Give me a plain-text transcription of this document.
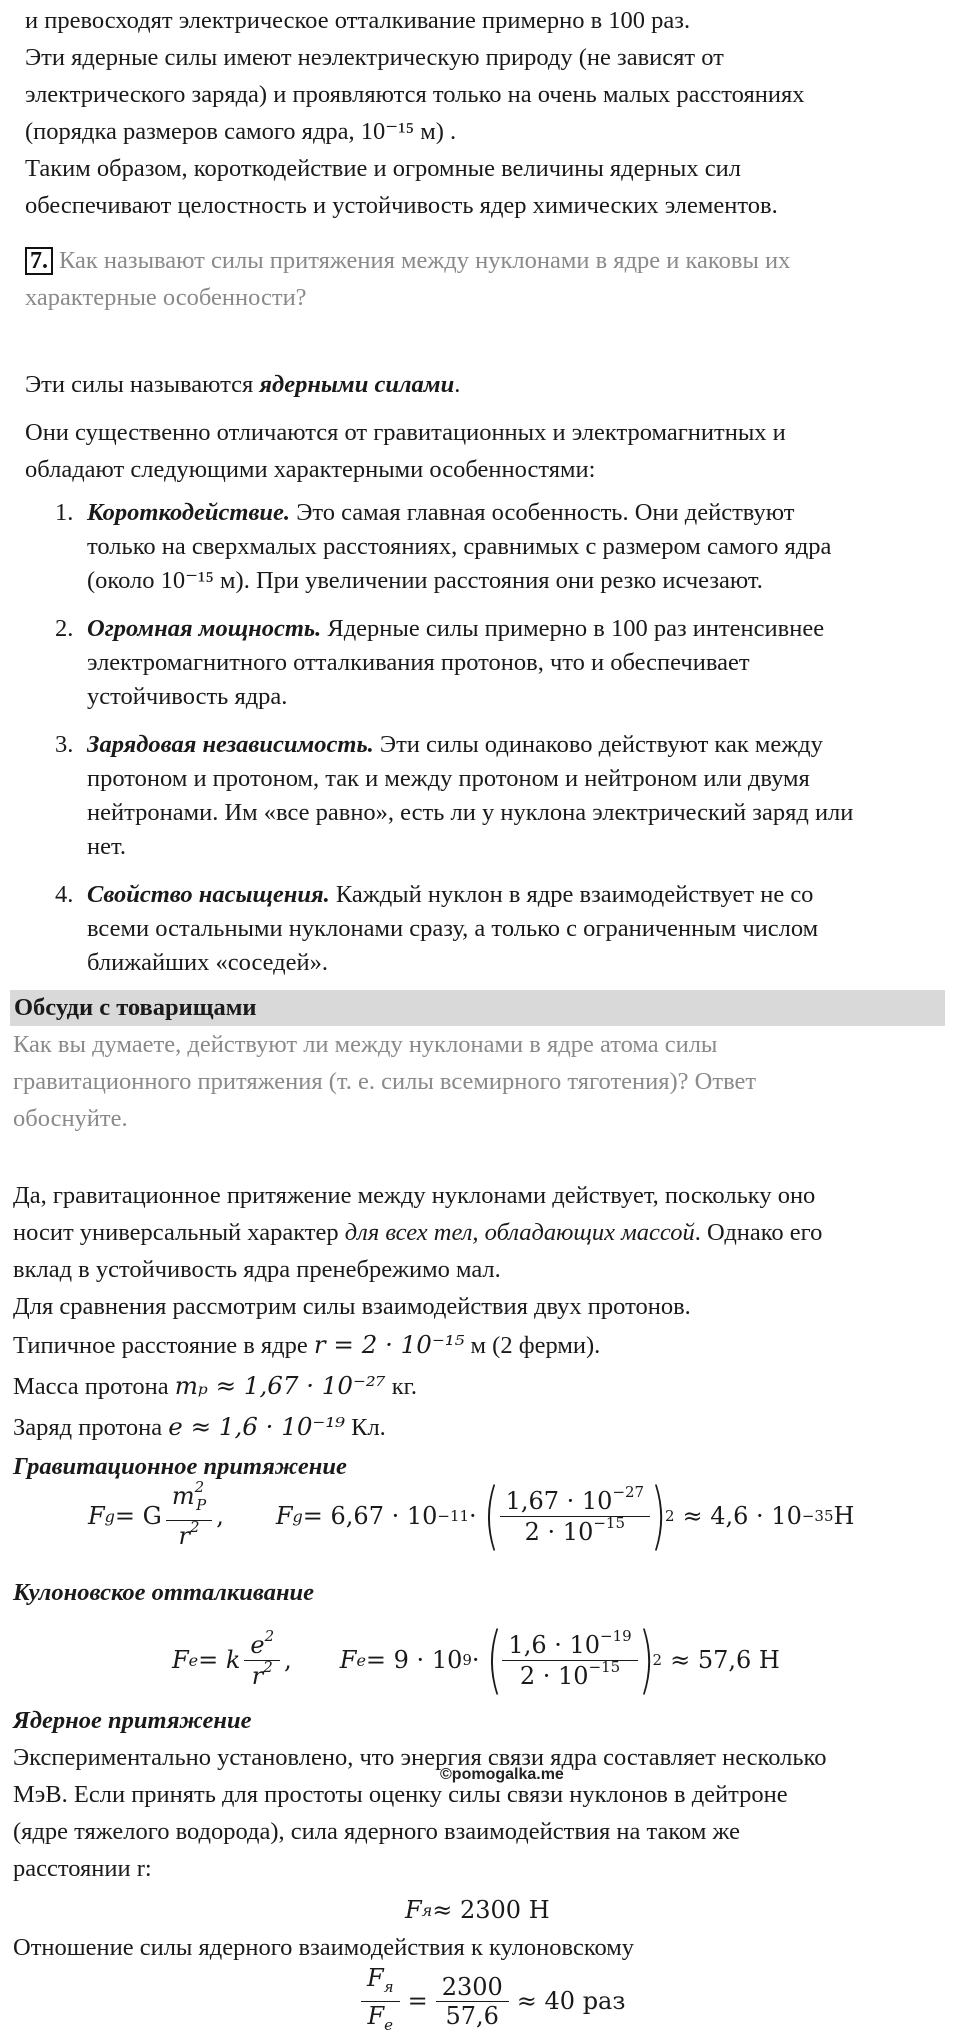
и превосходят электрическое отталкивание примерно в 100 раз.

Эти ядерные силы имеют неэлектрическую природу (не зависят от

электрического заряда) и проявляются только на очень малых расстояниях

(порядка размеров самого ядра, 10⁻¹⁵ м) .

Таким образом, короткодействие и огромные величины ядерных сил

обеспечивают целостность и устойчивость ядер химических элементов.

7. Как называют силы притяжения между нуклонами в ядре и каковы их

характерные особенности?

Эти силы называются ядерными силами.

Они существенно отличаются от гравитационных и электромагнитных и

обладают следующими характерными особенностями:

1. Короткодействие. Это самая главная особенность. Они действуют
только на сверхмалых расстояниях, сравнимых с размером самого ядра
(около 10⁻¹⁵ м). При увеличении расстояния они резко исчезают.
2. Огромная мощность. Ядерные силы примерно в 100 раз интенсивнее
электромагнитного отталкивания протонов, что и обеспечивает
устойчивость ядра.
3. Зарядовая независимость. Эти силы одинаково действуют как между
протоном и протоном, так и между протоном и нейтроном или двумя
нейтронами. Им «все равно», есть ли у нуклона электрический заряд или
нет.
4. Свойство насыщения. Каждый нуклон в ядре взаимодействует не со
всеми остальными нуклонами сразу, а только с ограниченным числом
ближайших «соседей».
Обсуди с товарищами

Как вы думаете, действуют ли между нуклонами в ядре атома силы

гравитационного притяжения (т. е. силы всемирного тяготения)? Ответ

обоснуйте.

Да, гравитационное притяжение между нуклонами действует, поскольку оно

носит универсальный характер для всех тел, обладающих массой. Однако его

вклад в устойчивость ядра пренебрежимо мал.

Для сравнения рассмотрим силы взаимодействия двух протонов.

Типичное расстояние в ядре r = 2 · 10⁻¹⁵ м (2 ферми).

Масса протона mₚ ≈ 1,67 · 10⁻²⁷ кг.

Заряд протона e ≈ 1,6 · 10⁻¹⁹ Кл.

Гравитационное притяжение

F g = G $\frac{m^2_P}{r^2}$ , F g = 6,67 · 10 −11 · ( $\frac{1,67 \cdot 10^{-27}}{2 \cdot 10^{-15}}$ )
2 ≈ 4,6 · 10 −35 Н

Кулоновское отталкивание

F e = k $\frac{e^2}{r^2}$ , F e = 9 · 10 9 · ( $\frac{1,6 \cdot 10^{-19}}{2 \cdot 10^{-15}}$ )
2 ≈ 57,6 Н

Ядерное притяжение

Экспериментально установлено, что энергия связи ядра составляет несколько

МэВ. Если принять для простоты оценку силы связи нуклонов в дейтроне

(ядре тяжелого водорода), сила ядерного взаимодействия на таком же

расстоянии r:

©pomogalka.me
F я ≈ 2300 Н

Отношение силы ядерного взаимодействия к кулоновскому

$\frac{F_я}{F_e} = \frac{2300}{57,6} \approx 40$ раз
